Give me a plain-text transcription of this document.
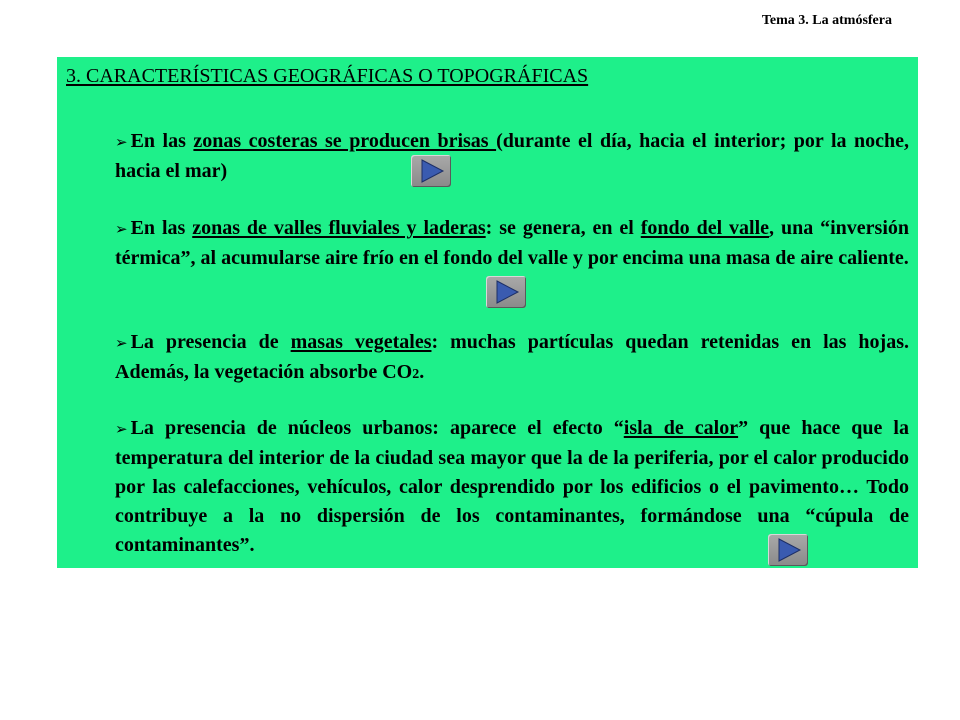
Tema 3. La atmósfera
3. CARACTERÍSTICAS GEOGRÁFICAS O TOPOGRÁFICAS
➢ En las zonas costeras se producen brisas (durante el día, hacia el interior; por la noche, hacia el mar)
➢ En las zonas de valles fluviales y laderas: se genera, en el fondo del valle, una “inversión térmica”, al acumularse aire frío en el fondo del valle y por encima una masa de aire caliente.
➢ La presencia de masas vegetales: muchas partículas quedan retenidas en las hojas. Además, la vegetación absorbe CO2.
➢ La presencia de núcleos urbanos: aparece el efecto “isla de calor” que hace que la temperatura del interior de la ciudad sea mayor que la de la periferia, por el calor producido por las calefacciones, vehículos, calor desprendido por los edificios o el pavimento… Todo contribuye a la no dispersión de los contaminantes, formándose una “cúpula de contaminantes”.
